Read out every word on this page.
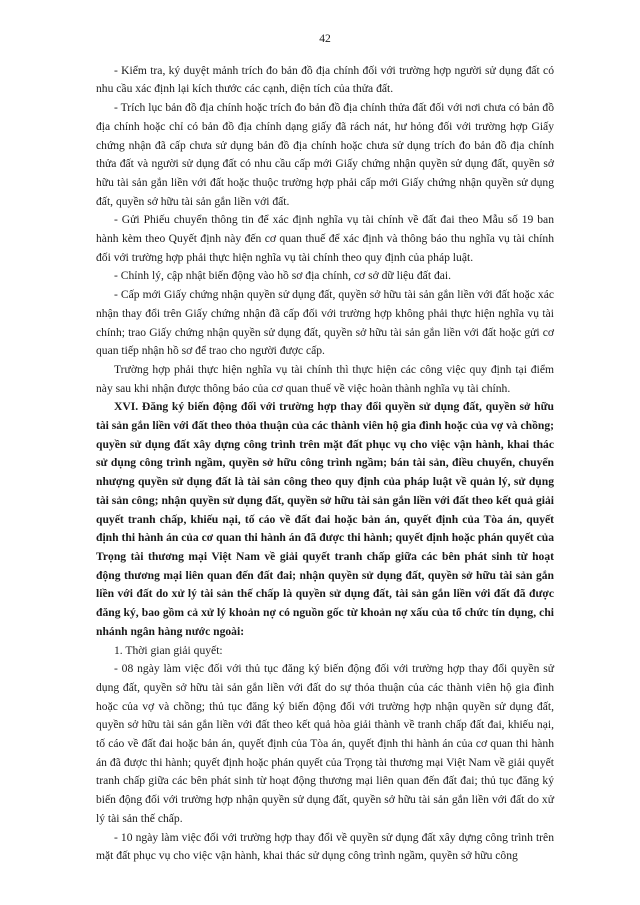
42

- Kiểm tra, ký duyệt mảnh trích đo bản đồ địa chính đối với trường hợp người sử dụng đất có nhu cầu xác định lại kích thước các cạnh, diện tích của thửa đất.

- Trích lục bản đồ địa chính hoặc trích đo bản đồ địa chính thửa đất đối với nơi chưa có bản đồ địa chính hoặc chỉ có bản đồ địa chính dạng giấy đã rách nát, hư hỏng đối với trường hợp Giấy chứng nhận đã cấp chưa sử dụng bản đồ địa chính hoặc chưa sử dụng trích đo bản đồ địa chính thửa đất và người sử dụng đất có nhu cầu cấp mới Giấy chứng nhận quyền sử dụng đất, quyền sở hữu tài sản gắn liền với đất hoặc thuộc trường hợp phải cấp mới Giấy chứng nhận quyền sử dụng đất, quyền sở hữu tài sản gắn liền với đất.

- Gửi Phiếu chuyển thông tin để xác định nghĩa vụ tài chính về đất đai theo Mẫu số 19 ban hành kèm theo Quyết định này đến cơ quan thuế để xác định và thông báo thu nghĩa vụ tài chính đối với trường hợp phải thực hiện nghĩa vụ tài chính theo quy định của pháp luật.

- Chỉnh lý, cập nhật biến động vào hồ sơ địa chính, cơ sở dữ liệu đất đai.

- Cấp mới Giấy chứng nhận quyền sử dụng đất, quyền sở hữu tài sản gắn liền với đất hoặc xác nhận thay đổi trên Giấy chứng nhận đã cấp đối với trường hợp không phải thực hiện nghĩa vụ tài chính; trao Giấy chứng nhận quyền sử dụng đất, quyền sở hữu tài sản gắn liền với đất hoặc gửi cơ quan tiếp nhận hồ sơ để trao cho người được cấp.

Trường hợp phải thực hiện nghĩa vụ tài chính thì thực hiện các công việc quy định tại điểm này sau khi nhận được thông báo của cơ quan thuế về việc hoàn thành nghĩa vụ tài chính.

XVI. Đăng ký biến động đối với trường hợp thay đổi quyền sử dụng đất, quyền sở hữu tài sản gắn liền với đất theo thỏa thuận của các thành viên hộ gia đình hoặc của vợ và chồng; quyền sử dụng đất xây dựng công trình trên mặt đất phục vụ cho việc vận hành, khai thác sử dụng công trình ngầm, quyền sở hữu công trình ngầm; bán tài sản, điều chuyển, chuyển nhượng quyền sử dụng đất là tài sản công theo quy định của pháp luật về quản lý, sử dụng tài sản công; nhận quyền sử dụng đất, quyền sở hữu tài sản gắn liền với đất theo kết quả giải quyết tranh chấp, khiếu nại, tố cáo về đất đai hoặc bản án, quyết định của Tòa án, quyết định thi hành án của cơ quan thi hành án đã được thi hành; quyết định hoặc phán quyết của Trọng tài thương mại Việt Nam về giải quyết tranh chấp giữa các bên phát sinh từ hoạt động thương mại liên quan đến đất đai; nhận quyền sử dụng đất, quyền sở hữu tài sản gắn liền với đất do xử lý tài sản thế chấp là quyền sử dụng đất, tài sản gắn liền với đất đã được đăng ký, bao gồm cả xử lý khoản nợ có nguồn gốc từ khoản nợ xấu của tổ chức tín dụng, chi nhánh ngân hàng nước ngoài:

1. Thời gian giải quyết:

- 08 ngày làm việc đối với thủ tục đăng ký biến động đối với trường hợp thay đổi quyền sử dụng đất, quyền sở hữu tài sản gắn liền với đất do sự thỏa thuận của các thành viên hộ gia đình hoặc của vợ và chồng; thủ tục đăng ký biến động đối với trường hợp nhận quyền sử dụng đất, quyền sở hữu tài sản gắn liền với đất theo kết quả hòa giải thành về tranh chấp đất đai, khiếu nại, tố cáo về đất đai hoặc bản án, quyết định của Tòa án, quyết định thi hành án của cơ quan thi hành án đã được thi hành; quyết định hoặc phán quyết của Trọng tài thương mại Việt Nam về giải quyết tranh chấp giữa các bên phát sinh từ hoạt động thương mại liên quan đến đất đai; thủ tục đăng ký biến động đối với trường hợp nhận quyền sử dụng đất, quyền sở hữu tài sản gắn liền với đất do xử lý tài sản thế chấp.

- 10 ngày làm việc đối với trường hợp thay đổi về quyền sử dụng đất xây dựng công trình trên mặt đất phục vụ cho việc vận hành, khai thác sử dụng công trình ngầm, quyền sở hữu công
